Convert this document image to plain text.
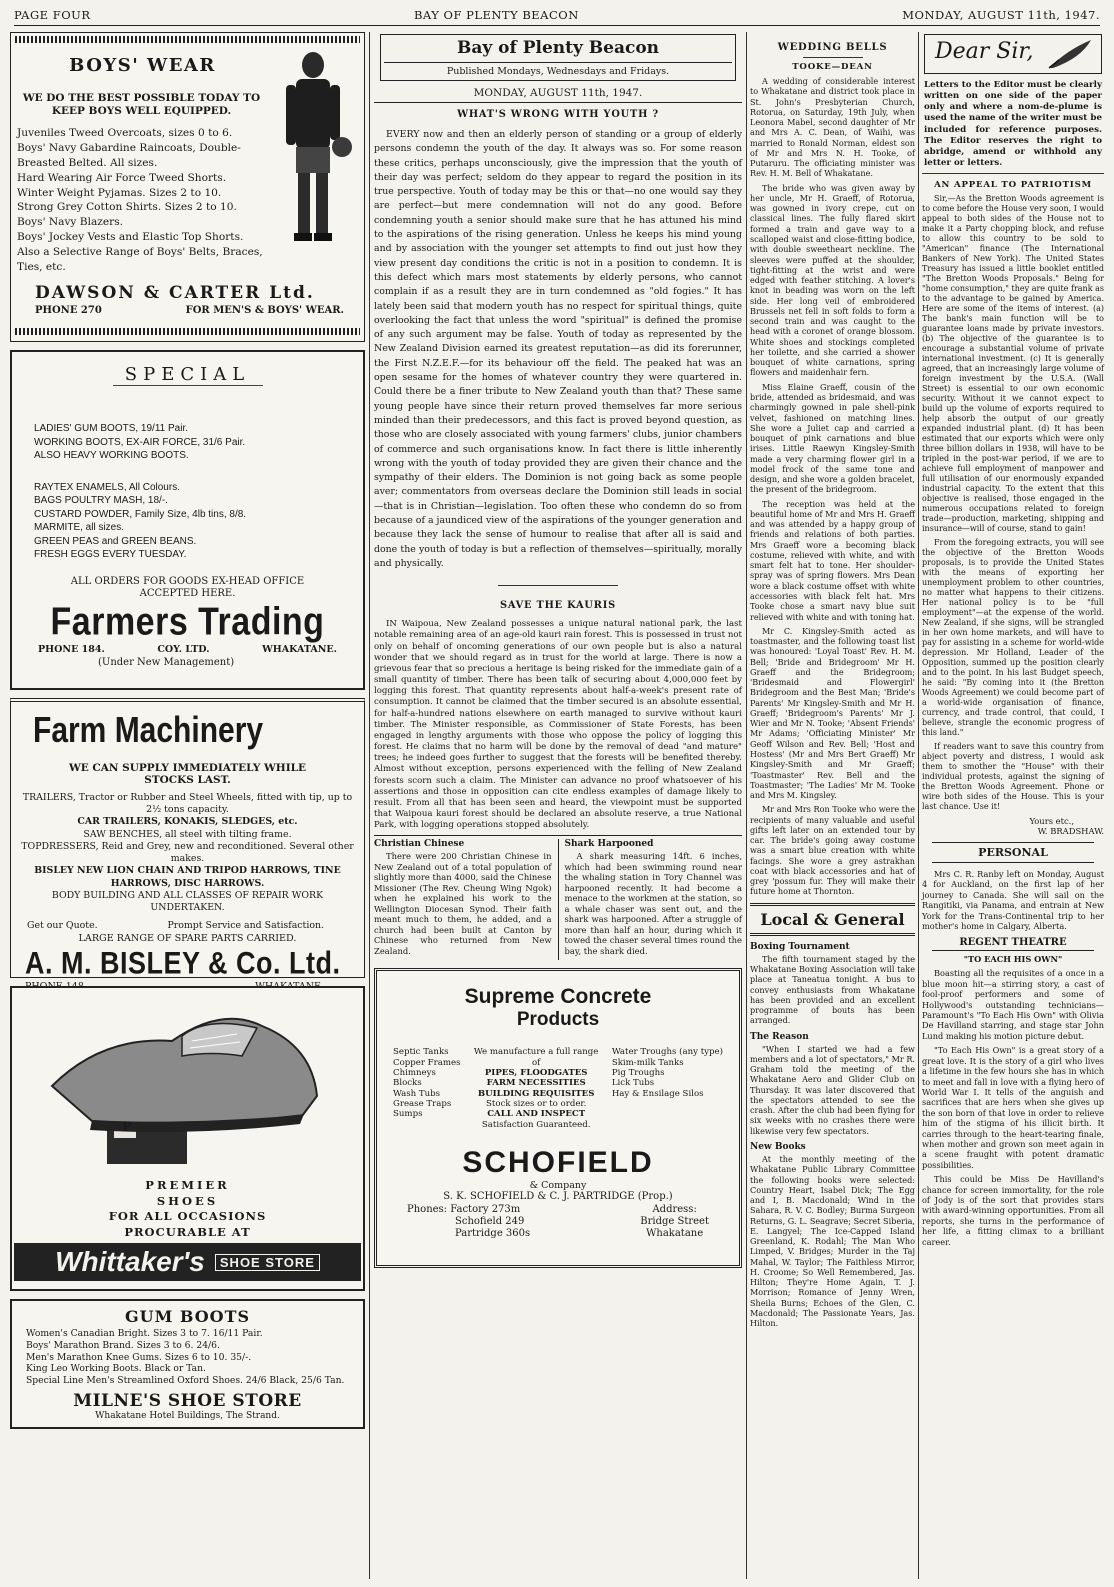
PAGE FOUR	BAY OF PLENTY BEACON	MONDAY, AUGUST 11th, 1947.
BOYS' WEAR
WE DO THE BEST POSSIBLE TODAY TO KEEP BOYS WELL EQUIPPED.
Juveniles Tweed Overcoats, sizes 0 to 6.
Boys' Navy Gabardine Raincoats, Double-Breasted Belted. All sizes.
Hard Wearing Air Force Tweed Shorts.
Winter Weight Pyjamas. Sizes 2 to 10.
Strong Grey Cotton Shirts. Sizes 2 to 10.
Boys' Navy Blazers.
Boys' Jockey Vests and Elastic Top Shorts.
Also a Selective Range of Boys' Belts, Braces, Ties, etc.
DAWSON & CARTER Ltd.
PHONE 270	FOR MEN'S & BOYS' WEAR.
SPECIAL
LADIES' GUM BOOTS, 19/11 Pair.
WORKING BOOTS, EX-AIR FORCE, 31/6 Pair.
ALSO HEAVY WORKING BOOTS.
RAYTEX ENAMELS, All Colours.
BAGS POULTRY MASH, 18/-.
CUSTARD POWDER, Family Size, 4lb tins, 8/8.
MARMITE, all sizes.
GREEN PEAS and GREEN BEANS.
FRESH EGGS EVERY TUESDAY.
ALL ORDERS FOR GOODS EX-HEAD OFFICE ACCEPTED HERE.
Farmers Trading
PHONE 184.	COY. LTD.	WHAKATANE.
(Under New Management)
Farm Machinery
WE CAN SUPPLY IMMEDIATELY WHILE STOCKS LAST.
TRAILERS, Tractor or Rubber and Steel Wheels, fitted with tip, up to 2½ tons capacity.
CAR TRAILERS, KONAKIS, SLEDGES, etc.
SAW BENCHES, all steel with tilting frame.
TOPDRESSERS, Reid and Grey, new and reconditioned. Several other makes.
BISLEY NEW LION CHAIN AND TRIPOD HARROWS, TINE HARROWS, DISC HARROWS.
BODY BUILDING AND ALL CLASSES OF REPAIR WORK UNDERTAKEN.
Get our Quote.	Prompt Service and Satisfaction.
LARGE RANGE OF SPARE PARTS CARRIED.
A. M. BISLEY & Co. Ltd.
P
PREMIER
SHOES
FOR ALL OCCASIONS
PROCURABLE AT
Whittaker's	SHOE STORE
GUM BOOTS
Women's Canadian Bright. Sizes 3 to 7. 16/11 Pair.
Boys' Marathon Brand. Sizes 3 to 6. 24/6.
Men's Marathon Knee Gums. Sizes 6 to 10. 35/-.
King Leo Working Boots. Black or Tan.
Special Line Men's Streamlined Oxford Shoes. 24/6 Black, 25/6 Tan.
MILNE'S SHOE STORE
Whakatane Hotel Buildings, The Strand.
Bay of Plenty Beacon
Published Mondays, Wednesdays and Fridays.
MONDAY, AUGUST 11th, 1947.
WHAT'S WRONG WITH YOUTH ?
EVERY now and then an elderly person of standing or a group of elderly persons condemn the youth of the day. It always was so. For some reason these critics, perhaps unconsciously, give the impression that the youth of their day was perfect; seldom do they appear to regard the position in its true perspective. Youth of today may be this or that—no one would say they are perfect—but mere condemnation will not do any good. Before condemning youth a senior should make sure that he has attuned his mind to the aspirations of the rising generation. Unless he keeps his mind young and by association with the younger set attempts to find out just how they view present day conditions the critic is not in a position to condemn. It is this defect which mars most statements by elderly persons, who cannot complain if as a result they are in turn condemned as "old fogies." It has lately been said that modern youth has no respect for spiritual things, quite overlooking the fact that unless the word "spiritual" is defined the promise of any such argument may be false. Youth of today as represented by the New Zealand Division earned its greatest reputation—as did its forerunner, the First N.Z.E.F.—for its behaviour off the field. The peaked hat was an open sesame for the homes of whatever country they were quartered in. Could there be a finer tribute to New Zealand youth than that? These same young people have since their return proved themselves far more serious minded than their predecessors, and this fact is proved beyond question, as those who are closely associated with young farmers' clubs, junior chambers of commerce and such organisations know. In fact there is little inherently wrong with the youth of today provided they are given their chance and the sympathy of their elders. The Dominion is not going back as some people aver; commentators from overseas declare the Dominion still leads in social—that is in Christian—legislation. Too often these who condemn do so from because of a jaundiced view of the aspirations of the younger generation and because they lack the sense of humour to realise that after all is said and done the youth of today is but a reflection of themselves—spiritually, morally and physically.
SAVE THE KAURIS
IN Waipoua, New Zealand possesses a unique natural national park, the last notable remaining area of an age-old kauri rain forest. This is possessed in trust not only on behalf of oncoming generations of our own people but is also a natural wonder that we should regard as in trust for the world at large. There is now a grievous fear that so precious a heritage is being risked for the immediate gain of a small quantity of timber. There has been talk of securing about 4,000,000 feet by logging this forest. That quantity represents about half-a-week's present rate of consumption. It cannot be claimed that the timber secured is an absolute essential, for half-a-hundred nations elsewhere on earth managed to survive without kauri timber. The Minister responsible, as Commissioner of State Forests, has been engaged in lengthy arguments with those who oppose the policy of logging this forest. He claims that no harm will be done by the removal of dead "and mature" trees; he indeed goes further to suggest that the forests will be benefited thereby. Almost without exception, persons experienced with the felling of New Zealand forests scorn such a claim. The Minister can advance no proof whatsoever of his assertions and those in opposition can cite endless examples of damage likely to result. From all that has been seen and heard, the viewpoint must be supported that Waipoua kauri forest should be declared an absolute reserve, a true National Park, with logging operations stopped absolutely.
Christian Chinese
There were 200 Christian Chinese in New Zealand out of a total population of slightly more than 4000, said the Chinese Missioner (The Rev. Cheung Wing Ngok) when he explained his work to the Wellington Diocesan Synod. Their faith meant much to them, he added, and a church had been built at Canton by Chinese who returned from New Zealand.
Shark Harpooned
A shark measuring 14ft. 6 inches, which had been swimming round near the whaling station in Tory Channel was harpooned recently. It had become a menace to the workmen at the station, so a whale chaser was sent out, and the shark was harpooned. After a struggle of more than half an hour, during which it towed the chaser several times round the bay, the shark died.
Supreme Concrete
Products
Septic Tanks
Copper Frames
Chimneys
Blocks
Wash Tubs
Grease Traps
Sumps
We manufacture a full range of
PIPES, FLOODGATES
FARM NECESSITIES
BUILDING REQUISITES
Stock sizes or to order.
CALL AND INSPECT
Satisfaction Guaranteed.
Water Troughs (any type)
Skim-milk Tanks
Pig Troughs
Lick Tubs
Hay & Ensilage Silos
SCHOFIELD
& Company
S. K. SCHOFIELD & C. J. PARTRIDGE (Prop.)
Phones: Factory 273m
Schofield 249
Partridge 360s
Address:
Bridge Street
Whakatane
WEDDING BELLS
TOOKE—DEAN
A wedding of considerable interest to Whakatane and district took place in St. John's Presbyterian Church, Rotorua, on Saturday, 19th July, when Leonora Mabel, second daughter of Mr and Mrs A. C. Dean, of Waihi, was married to Ronald Norman, eldest son of Mr and Mrs N. H. Tooke, of Putaruru. The officiating minister was Rev. H. M. Bell of Whakatane.
The bride who was given away by her uncle, Mr H. Graeff, of Rotorua, was gowned in ivory crepe, cut on classical lines. The fully flared skirt formed a train and gave way to a scalloped waist and close-fitting bodice, with double sweetheart neckline. The sleeves were puffed at the shoulder, tight-fitting at the wrist and were edged with feather stitching. A lover's knot in beading was worn on the left side. Her long veil of embroidered Brussels net fell in soft folds to form a second train and was caught to the head with a coronet of orange blossom. White shoes and stockings completed her toilette, and she carried a shower bouquet of white carnations, spring flowers and maidenhair fern.
Miss Elaine Graeff, cousin of the bride, attended as bridesmaid, and was charmingly gowned in pale shell-pink velvet, fashioned on matching lines. She wore a Juliet cap and carried a bouquet of pink carnations and blue irises. Little Raewyn Kingsley-Smith made a very charming flower girl in a model frock of the same tone and design, and she wore a golden bracelet, the present of the bridegroom.
The reception was held at the beautiful home of Mr and Mrs H. Graeff and was attended by a happy group of friends and relations of both parties. Mrs Graeff wore a becoming black costume, relieved with white, and with smart felt hat to tone. Her shoulder-spray was of spring flowers. Mrs Dean wore a black costume offset with white accessories with black felt hat. Mrs Tooke chose a smart navy blue suit relieved with white and with toning hat.
Mr C. Kingsley-Smith acted as toastmaster, and the following toast list was honoured: 'Loyal Toast' Rev. H. M. Bell; 'Bride and Bridegroom' Mr H. Graeff and the Bridegroom; 'Bridesmaid and Flowergirl' Bridegroom and the Best Man; 'Bride's Parents' Mr Kingsley-Smith and Mr H. Graeff; 'Bridegroom's Parents' Mr J. Wier and Mr N. Tooke; 'Absent Friends' Mr Adams; 'Officiating Minister' Mr Geoff Wilson and Rev. Bell; 'Host and Hostess' (Mr and Mrs Bert Graeff) Mr Kingsley-Smith and Mr Graeff; 'Toastmaster' Rev. Bell and the Toastmaster; 'The Ladies' Mr M. Tooke and Mrs M. Kingsley.
Mr and Mrs Ron Tooke who were the recipients of many valuable and useful gifts left later on an extended tour by car. The bride's going away costume was a smart blue creation with white facings. She wore a grey astrakhan coat with black accessories and hat of grey 'possum fur. They will make their future home at Thornton.
Local & General
Boxing Tournament
The fifth tournament staged by the Whakatane Boxing Association will take place at Taneatua tonight. A bus to convey enthusiasts from Whakatane has been provided and an excellent programme of bouts has been arranged.
The Reason
"When I started we had a few members and a lot of spectators," Mr R. Graham told the meeting of the Whakatane Aero and Glider Club on Thursday. It was later discovered that the spectators attended to see the crash. After the club had been flying for six weeks with no crashes there were likewise very few spectators.
New Books
At the monthly meeting of the Whakatane Public Library Committee the following books were selected: Country Heart, Isabel Dick; The Egg and I, B. Macdonald; Wind in the Sahara, R. V. C. Bodley; Burma Surgeon Returns, G. L. Seagrave; Secret Siberia, E. Langyel; The Ice-Capped Island Greenland, K. Rodahl; The Man Who Limped, V. Bridges; Murder in the Taj Mahal, W. Taylor; The Faithless Mirror, H. Croome; So Well Remembered, Jas. Hilton; They're Home Again, T. J. Morrison; Romance of Jenny Wren, Sheila Burns; Echoes of the Glen, C. Macdonald; The Passionate Years, Jas. Hilton.
Dear Sir,
Letters to the Editor must be clearly written on one side of the paper only and where a nom-de-plume is used the name of the writer must be included for reference purposes. The Editor reserves the right to abridge, amend or withhold any letter or letters.
AN APPEAL TO PATRIOTISM
Sir,—As the Bretton Woods agreement is to come before the House very soon, I would appeal to both sides of the House not to make it a Party chopping block, and refuse to allow this country to be sold to "American" finance (The International Bankers of New York). The United States Treasury has issued a little booklet entitled "The Bretton Woods Proposals." Being for "home consumption," they are quite frank as to the advantage to be gained by America. Here are some of the items of interest. (a) The bank's main function will be to guarantee loans made by private investors. (b) The objective of the guarantee is to encourage a substantial volume of private international investment. (c) It is generally agreed, that an increasingly large volume of foreign investment by the U.S.A. (Wall Street) is essential to our own economic security. Without it we cannot expect to build up the volume of exports required to help absorb the output of our greatly expanded industrial plant. (d) It has been estimated that our exports which were only three billion dollars in 1938, will have to be tripled in the post-war period, if we are to achieve full employment of manpower and full utilisation of our enormously expanded industrial capacity. To the extent that this objective is realised, those engaged in the numerous occupations related to foreign trade—production, marketing, shipping and insurance—will of course, stand to gain!
From the foregoing extracts, you will see the objective of the Bretton Woods proposals, is to provide the United States with the means of exporting her unemployment problem to other countries, no matter what happens to their citizens. Her national policy is to be "full employment"—at the expense of the world. New Zealand, if she signs, will be strangled in her own home markets, and will have to pay for assisting in a scheme for world-wide depression. Mr Holland, Leader of the Opposition, summed up the position clearly and to the point. In his last Budget speech, he said: "By coming into it (the Bretton Woods Agreement) we could become part of a world-wide organisation of finance, currency, and trade control, that could, I believe, strangle the economic progress of this land."
If readers want to save this country from abject poverty and distress, I would ask them to smother the "House" with their individual protests, against the signing of the Bretton Woods Agreement. Phone or wire both sides of the House. This is your last chance. Use it!
Yours etc.,
W. BRADSHAW.
PERSONAL
Mrs C. R. Ranby left on Monday, August 4 for Auckland, on the first lap of her journey to Canada. She will sail on the Rangitiki, via Panama, and entrain at New York for the Trans-Continental trip to her mother's home in Calgary, Alberta.
REGENT THEATRE
"TO EACH HIS OWN"
Boasting all the requisites of a once in a blue moon hit—a stirring story, a cast of fool-proof performers and some of Hollywood's outstanding technicians—Paramount's "To Each His Own" with Olivia De Havilland starring, and stage star John Lund making his motion picture debut.
"To Each His Own" is a great story of a great love. It is the story of a girl who lives a lifetime in the few hours she has in which to meet and fall in love with a flying hero of World War I. It tells of the anguish and sacrifices that are hers when she gives up the son born of that love in order to relieve him of the stigma of his illicit birth. It carries through to the heart-tearing finale, when mother and grown son meet again in a scene fraught with potent dramatic possibilities.
This could be Miss De Havilland's chance for screen immortality, for the role of Jody is of the sort that provides stars with award-winning opportunities. From all reports, she turns in the performance of her life, a fitting climax to a brilliant career.
